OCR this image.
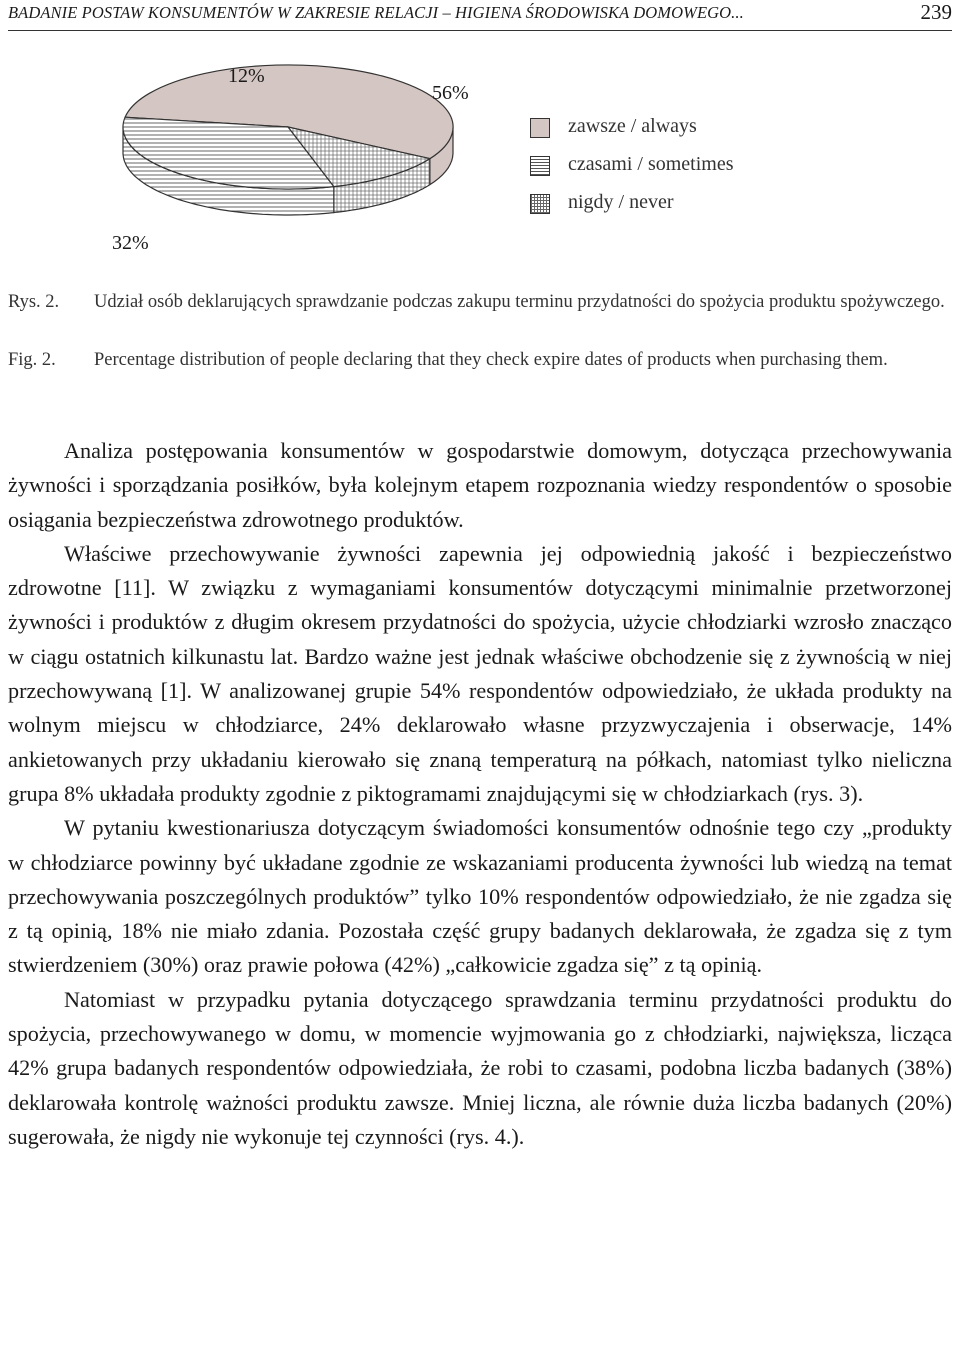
BADANIE POSTAW KONSUMENTÓW W ZAKRESIE RELACJI – HIGIENA ŚRODOWISKA DOMOWEGO...	239
56%
12%
32%
zawsze / always
czasami / sometimes
nigdy / never
Rys. 2. Udział osób deklarujących sprawdzanie podczas zakupu terminu przydatności do spożycia produktu spożywczego.
Fig. 2. Percentage distribution of people declaring that they check expire dates of products when purchasing them.

Analiza postępowania konsumentów w gospodarstwie domowym, dotycząca przechowywania żywności i sporządzania posiłków, była kolejnym etapem rozpoznania wiedzy respondentów o sposobie osiągania bezpieczeństwa zdrowotnego produktów.

Właściwe przechowywanie żywności zapewnia jej odpowiednią jakość i bezpieczeństwo zdrowotne [11]. W związku z wymaganiami konsumentów dotyczącymi minimalnie przetworzonej żywności i produktów z długim okresem przydatności do spożycia, użycie chłodziarki wzrosło znacząco w ciągu ostatnich kilkunastu lat. Bardzo ważne jest jednak właściwe obchodzenie się z żywnością w niej przechowywaną [1]. W analizowanej grupie 54% respondentów odpowiedziało, że układa produkty na wolnym miejscu w chłodziarce, 24% deklarowało własne przyzwyczajenia i obserwacje, 14% ankietowanych przy układaniu kierowało się znaną temperaturą na półkach, natomiast tylko nieliczna grupa 8% układała produkty zgodnie z piktogramami znajdującymi się w chłodziarkach (rys. 3).

W pytaniu kwestionariusza dotyczącym świadomości konsumentów odnośnie tego czy „produkty w chłodziarce powinny być układane zgodnie ze wskazaniami producenta żywności lub wiedzą na temat przechowywania poszczególnych produktów” tylko 10% respondentów odpowiedziało, że nie zgadza się z tą opinią, 18% nie miało zdania. Pozostała część grupy badanych deklarowała, że zgadza się z tym stwierdzeniem (30%) oraz prawie połowa (42%) „całkowicie zgadza się” z tą opinią.

Natomiast w przypadku pytania dotyczącego sprawdzania terminu przydatności produktu do spożycia, przechowywanego w domu, w momencie wyjmowania go z chłodziarki, największa, licząca 42% grupa badanych respondentów odpowiedziała, że robi to czasami, podobna liczba badanych (38%) deklarowała kontrolę ważności produktu zawsze. Mniej liczna, ale równie duża liczba badanych (20%) sugerowała, że nigdy nie wykonuje tej czynności (rys. 4.).
